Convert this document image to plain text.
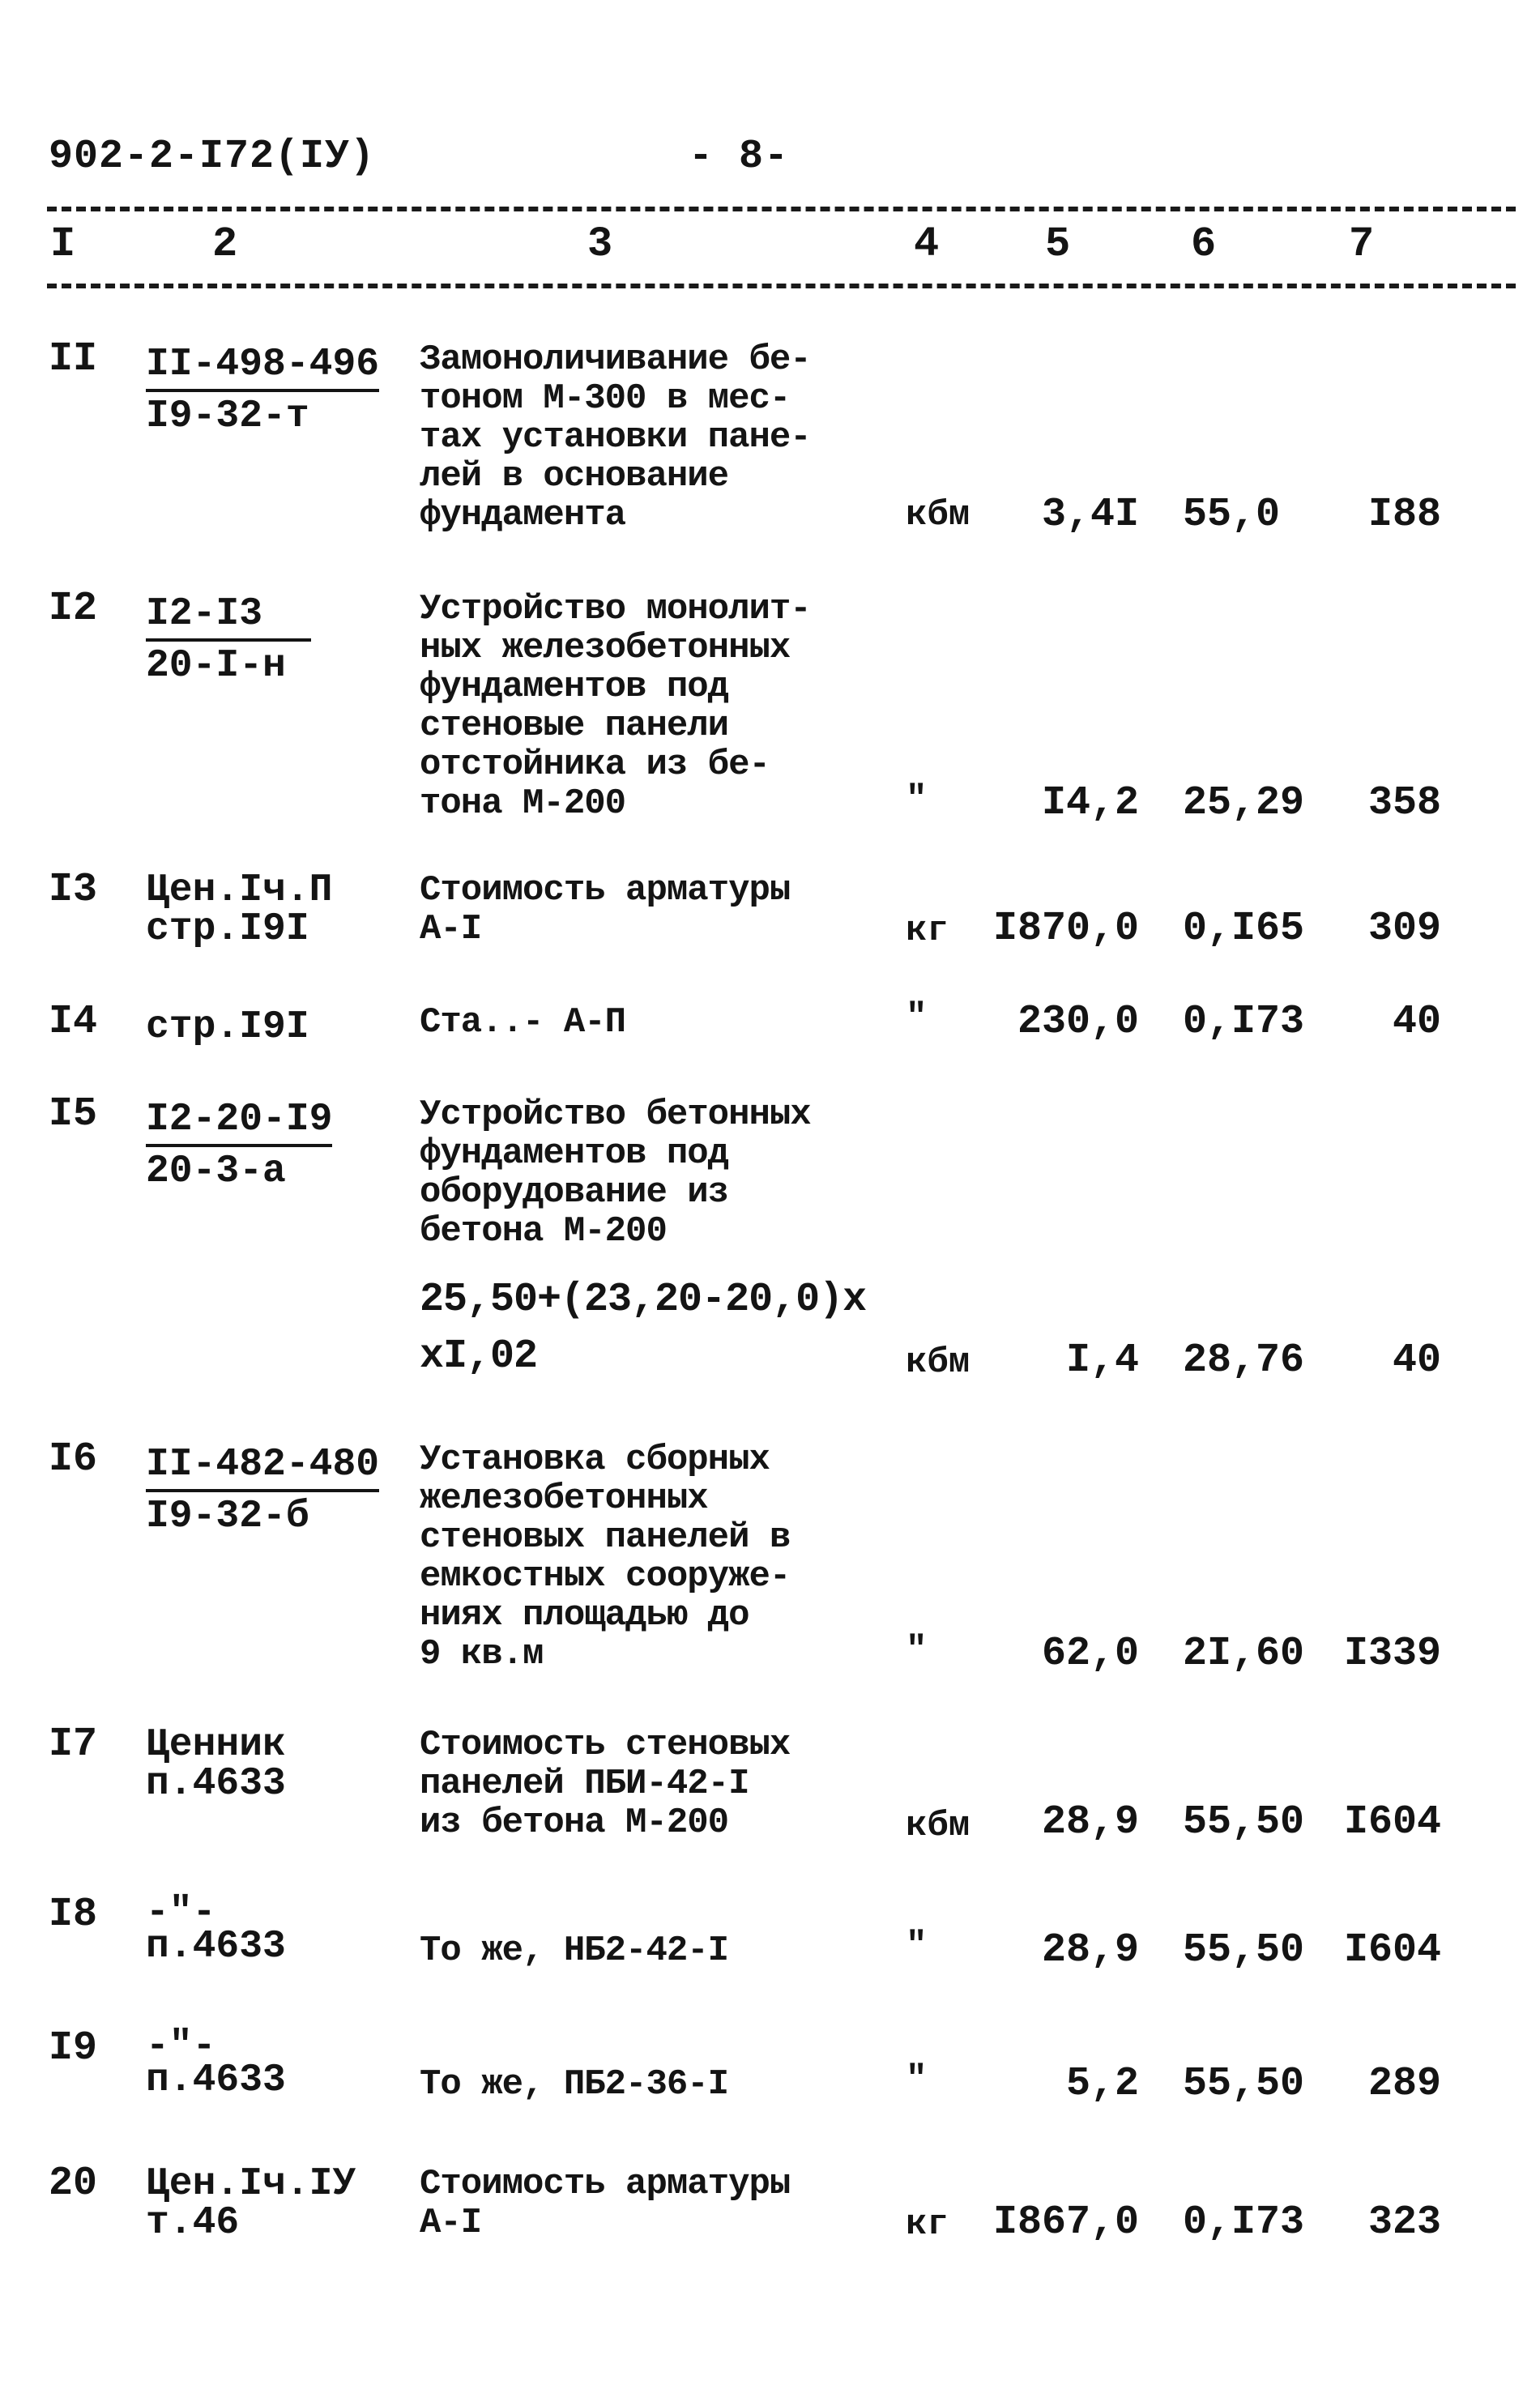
902-2-I72(IУ)	- 8-
I	2	3	4	5	6	7
II	II-498-496
I9-32-т
Замоноличивание бе-
тоном М-300 в мес-
тах установки пане-
лей в основание
фундамента	кбм	3,4I 55,0	I88
I2	I2-I3
20-I-н
Устройство монолит-
ных железобетонных
фундаментов под
стеновые панели
отстойника из бе-
тона М-200	"	I4,2 25,29	358
I3	Цен.Iч.П
стр.I9I
Стоимость арматуры
А-I	кг	I870,0 0,I65	309
I4	стр.I9I	Ста..- А-П	"	230,0 0,I73	40
I5	I2-20-I9
20-3-а
Устройство бетонных
фундаментов под
оборудование из
бетона М-200
25,50+(23,20-20,0)х
хI,02	кбм	I,4 28,76	40
I6	II-482-480
I9-32-б
Установка сборных
железобетонных
стеновых панелей в
емкостных сооруже-
ниях площадью до
9 кв.м	"	62,0 2I,60 I339
I7	Ценник
п.4633
Стоимость стеновых
панелей ПБИ-42-I
из бетона М-200	кбм	28,9 55,50 I604
I8	-"-
п.4633	То же, НБ2-42-I	"	28,9 55,50 I604
I9	-"-
п.4633	То же, ПБ2-36-I	"	5,2 55,50	289
20	Цен.Iч.IУ
т.46
Стоимость арматуры
А-I	кг	I867,0 0,I73	323
